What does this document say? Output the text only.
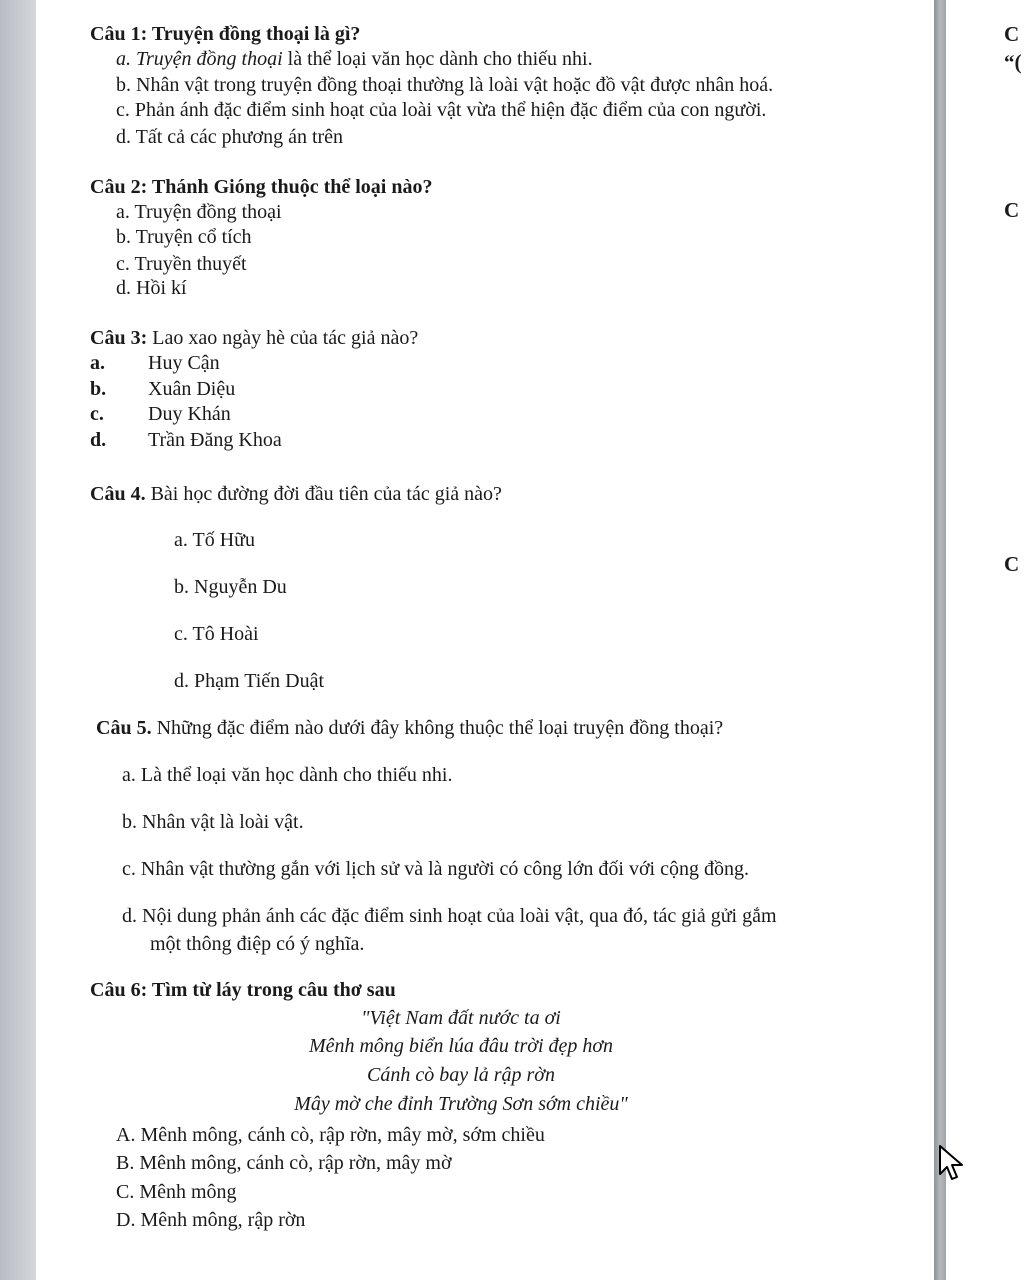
Câu 1: Truyện đồng thoại là gì?
a. Truyện đồng thoại là thể loại văn học dành cho thiếu nhi.
b. Nhân vật trong truyện đồng thoại thường là loài vật hoặc đồ vật được nhân hoá.
c. Phản ánh đặc điểm sinh hoạt của loài vật vừa thể hiện đặc điểm của con người.
d. Tất cả các phương án trên
Câu 2: Thánh Gióng thuộc thể loại nào?
a. Truyện đồng thoại
b. Truyện cổ tích
c. Truyền thuyết
d. Hồi kí
Câu 3: Lao xao ngày hè của tác giả nào?
a. Huy Cận
b. Xuân Diệu
c. Duy Khán
d. Trần Đăng Khoa
Câu 4. Bài học đường đời đầu tiên của tác giả nào?
a. Tố Hữu
b. Nguyễn Du
c. Tô Hoài
d. Phạm Tiến Duật
Câu 5. Những đặc điểm nào dưới đây không thuộc thể loại truyện đồng thoại?
a. Là thể loại văn học dành cho thiếu nhi.
b. Nhân vật là loài vật.
c. Nhân vật thường gắn với lịch sử và là người có công lớn đối với cộng đồng.
d. Nội dung phản ánh các đặc điểm sinh hoạt của loài vật, qua đó, tác giả gửi gắm
một thông điệp có ý nghĩa.
Câu 6: Tìm từ láy trong câu thơ sau
"Việt Nam đất nước ta ơi
Mênh mông biển lúa đâu trời đẹp hơn
Cánh cò bay lả rập rờn
Mây mờ che đỉnh Trường Sơn sớm chiều"
A. Mênh mông, cánh cò, rập rờn, mây mờ, sớm chiều
B. Mênh mông, cánh cò, rập rờn, mây mờ
C. Mênh mông
D. Mênh mông, rập rờn
C
“(
C
C
